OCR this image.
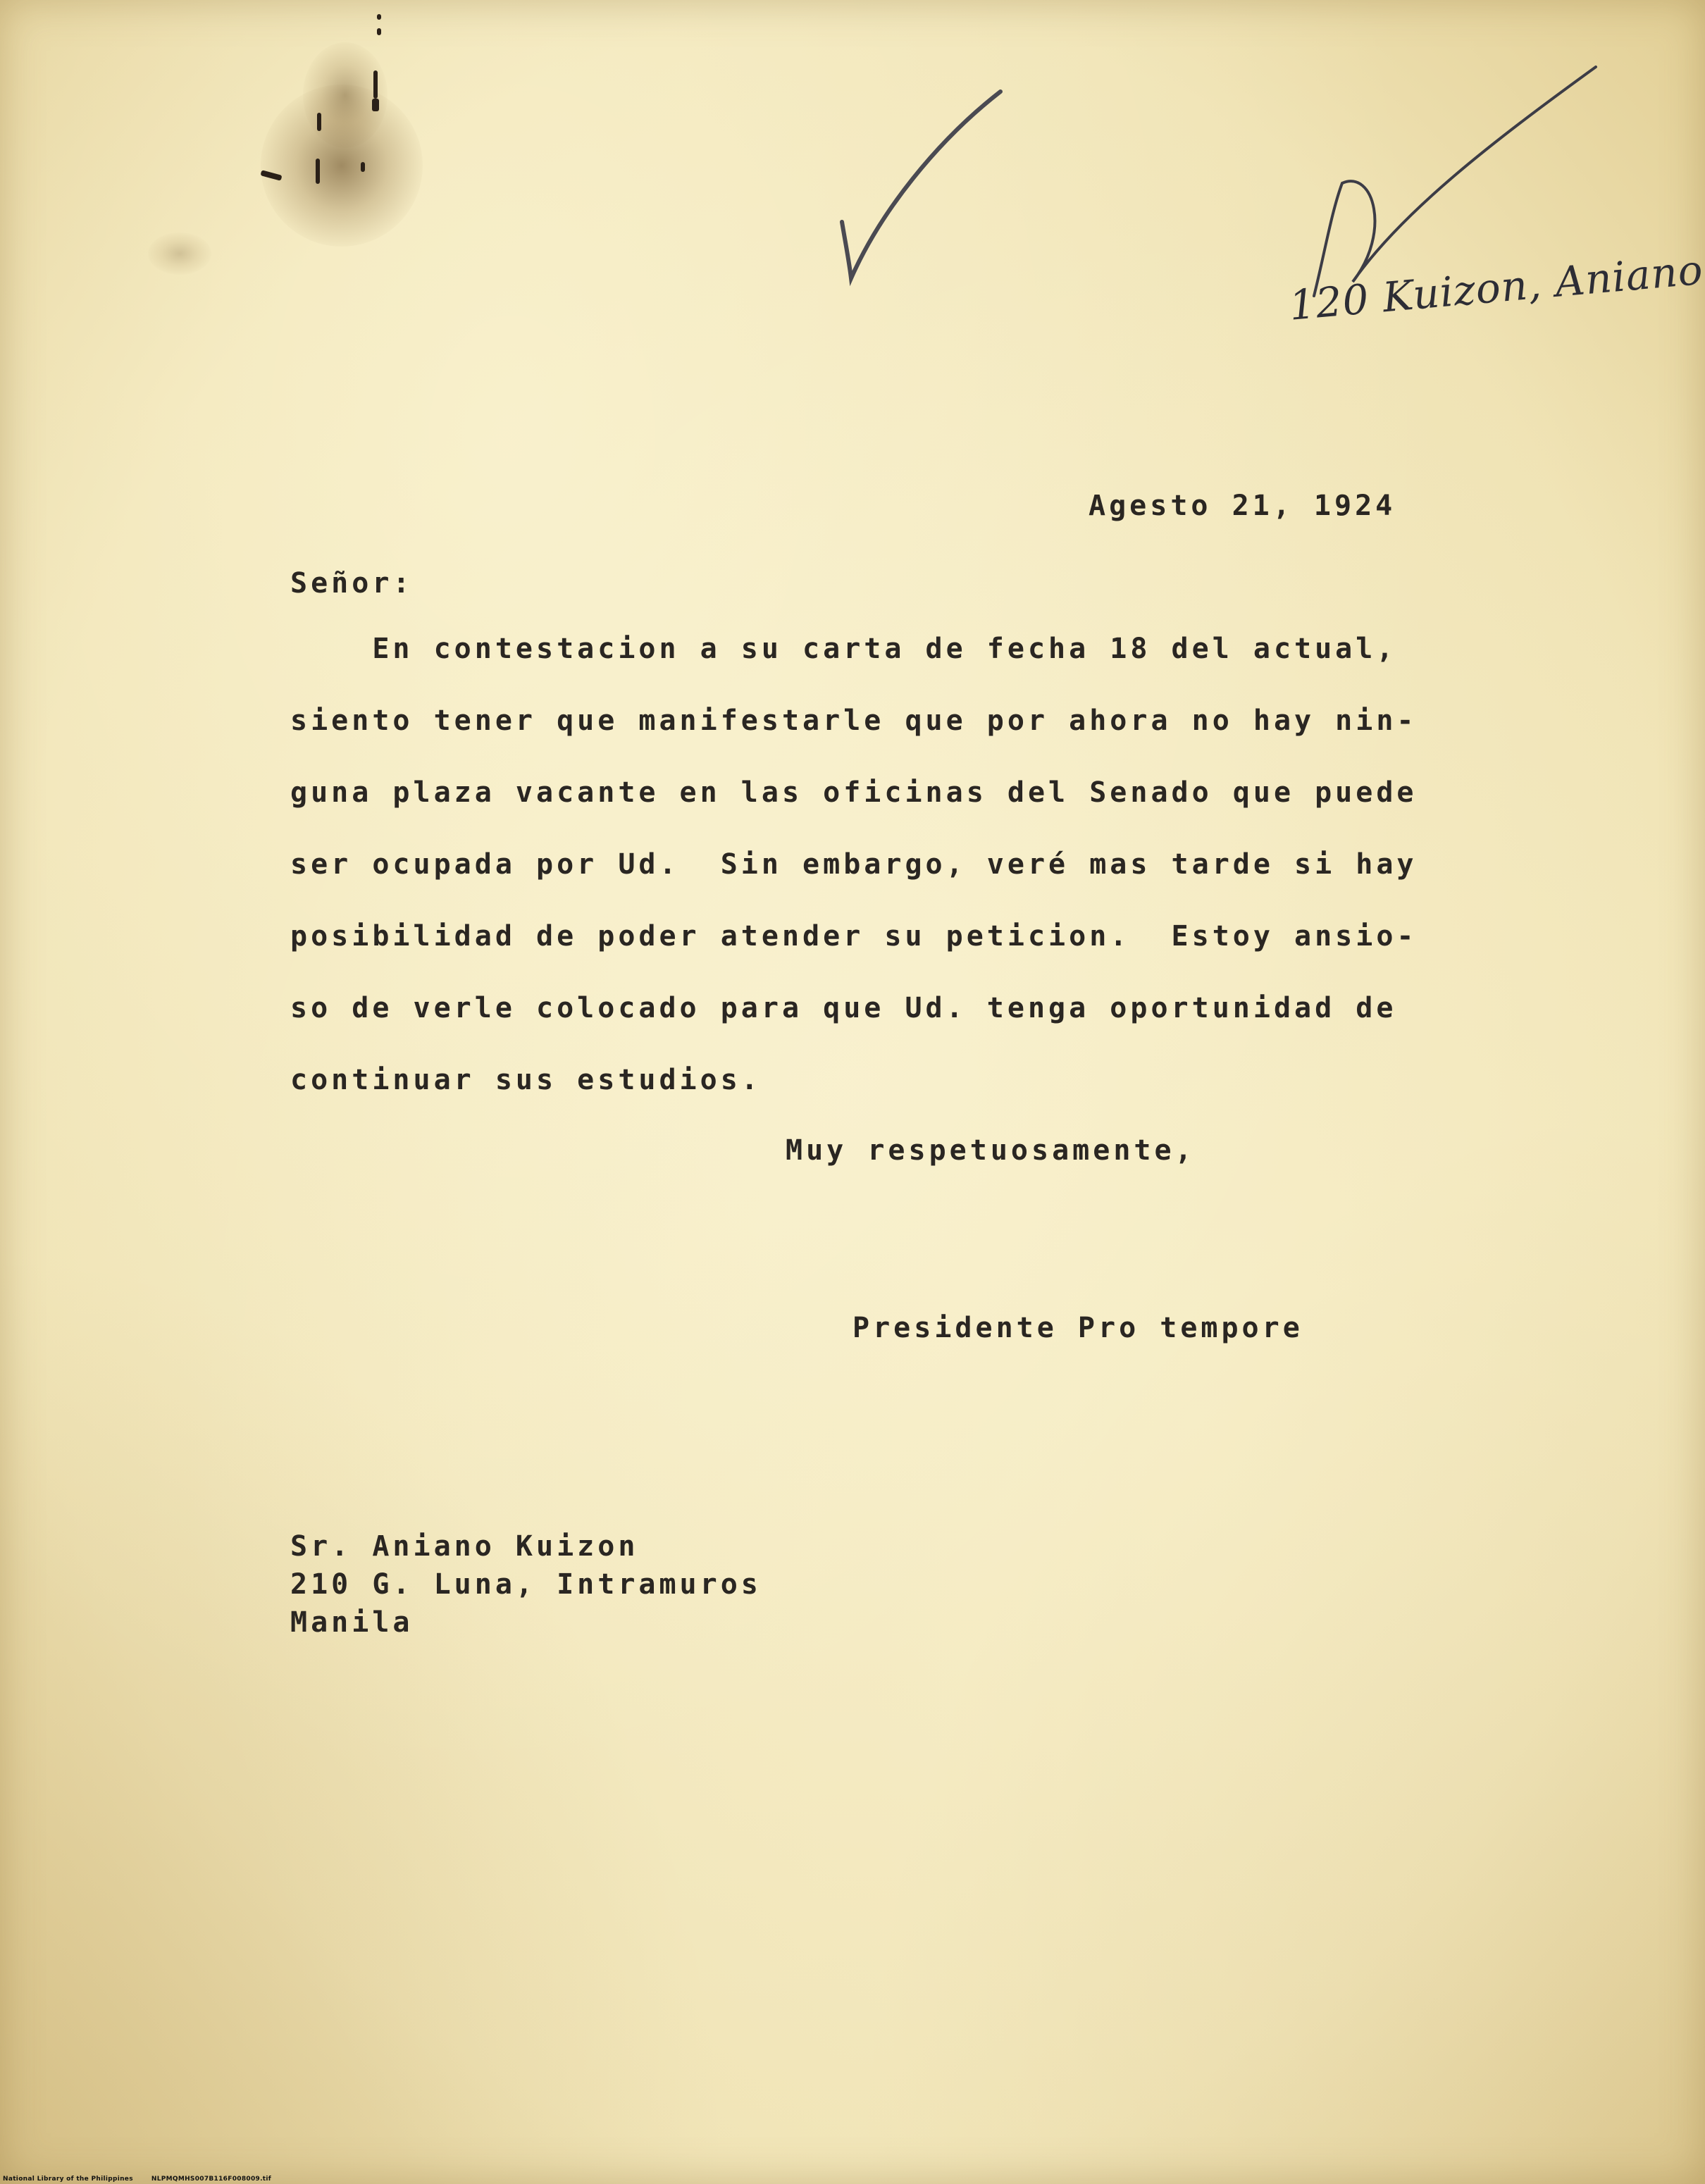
120 Kuizon, Aniano
Agesto 21, 1924
Señor:
En contestacion a su carta de fecha 18 del actual,
siento tener que manifestarle que por ahora no hay nin-
guna plaza vacante en las oficinas del Senado que puede
ser ocupada por Ud.  Sin embargo, veré mas tarde si hay
posibilidad de poder atender su peticion.  Estoy ansio-
so de verle colocado para que Ud. tenga oportunidad de
continuar sus estudios.
Muy respetuosamente,
Presidente Pro tempore
Sr. Aniano Kuizon
210 G. Luna, Intramuros
Manila
National Library of the Philippines	NLPMQMHS007B116F008009.tif
